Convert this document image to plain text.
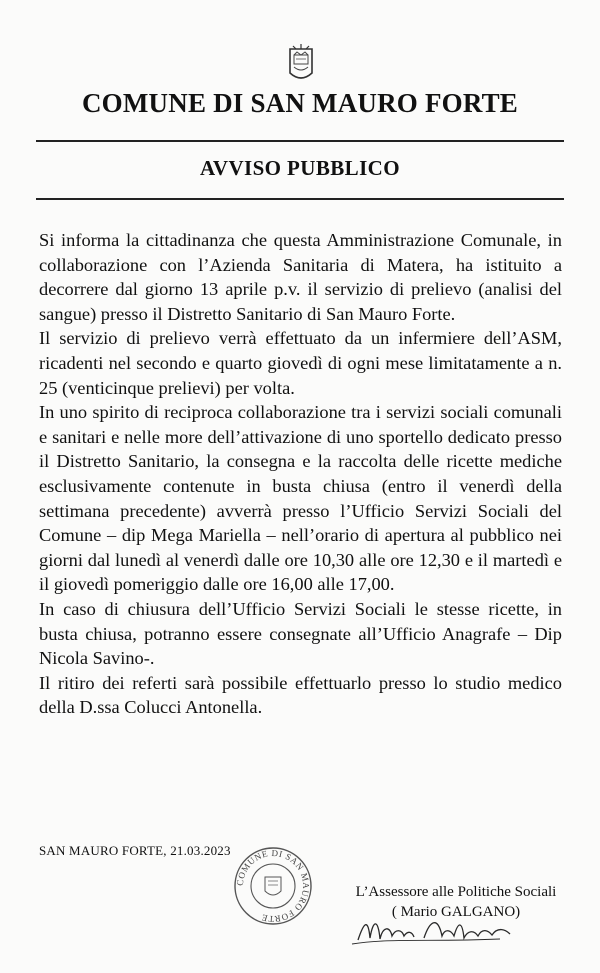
COMUNE DI SAN MAURO FORTE
AVVISO PUBBLICO

Si informa la cittadinanza che questa Amministrazione Comunale, in collaborazione con l’Azienda Sanitaria di Matera, ha istituito a decorrere dal giorno 13 aprile p.v. il servizio di prelievo (analisi del sangue) presso il Distretto Sanitario di San Mauro Forte.

Il servizio di prelievo verrà effettuato da un infermiere dell’ASM, ricadenti nel secondo e quarto giovedì di ogni mese limitatamente a n. 25 (venticinque prelievi) per volta.

In uno spirito di reciproca collaborazione tra i servizi sociali comunali e sanitari e nelle more dell’attivazione di uno sportello dedicato presso il Distretto Sanitario, la consegna e la raccolta delle ricette mediche esclusivamente contenute in busta chiusa (entro il venerdì della settimana precedente) avverrà presso l’Ufficio Servizi Sociali del Comune – dip Mega Mariella – nell’orario di apertura al pubblico nei giorni dal lunedì al venerdì dalle ore 10,30 alle ore 12,30 e il martedì e il giovedì pomeriggio dalle ore 16,00 alle 17,00.

In caso di chiusura dell’Ufficio Servizi Sociali le stesse ricette, in busta chiusa, potranno essere consegnate all’Ufficio Anagrafe – Dip Nicola Savino-.

Il ritiro dei referti sarà possibile effettuarlo presso lo studio medico della D.ssa Colucci Antonella.

SAN MAURO FORTE, 21.03.2023
COMUNE DI SAN MAURO FORTE
L’Assessore alle Politiche Sociali
( Mario GALGANO)
